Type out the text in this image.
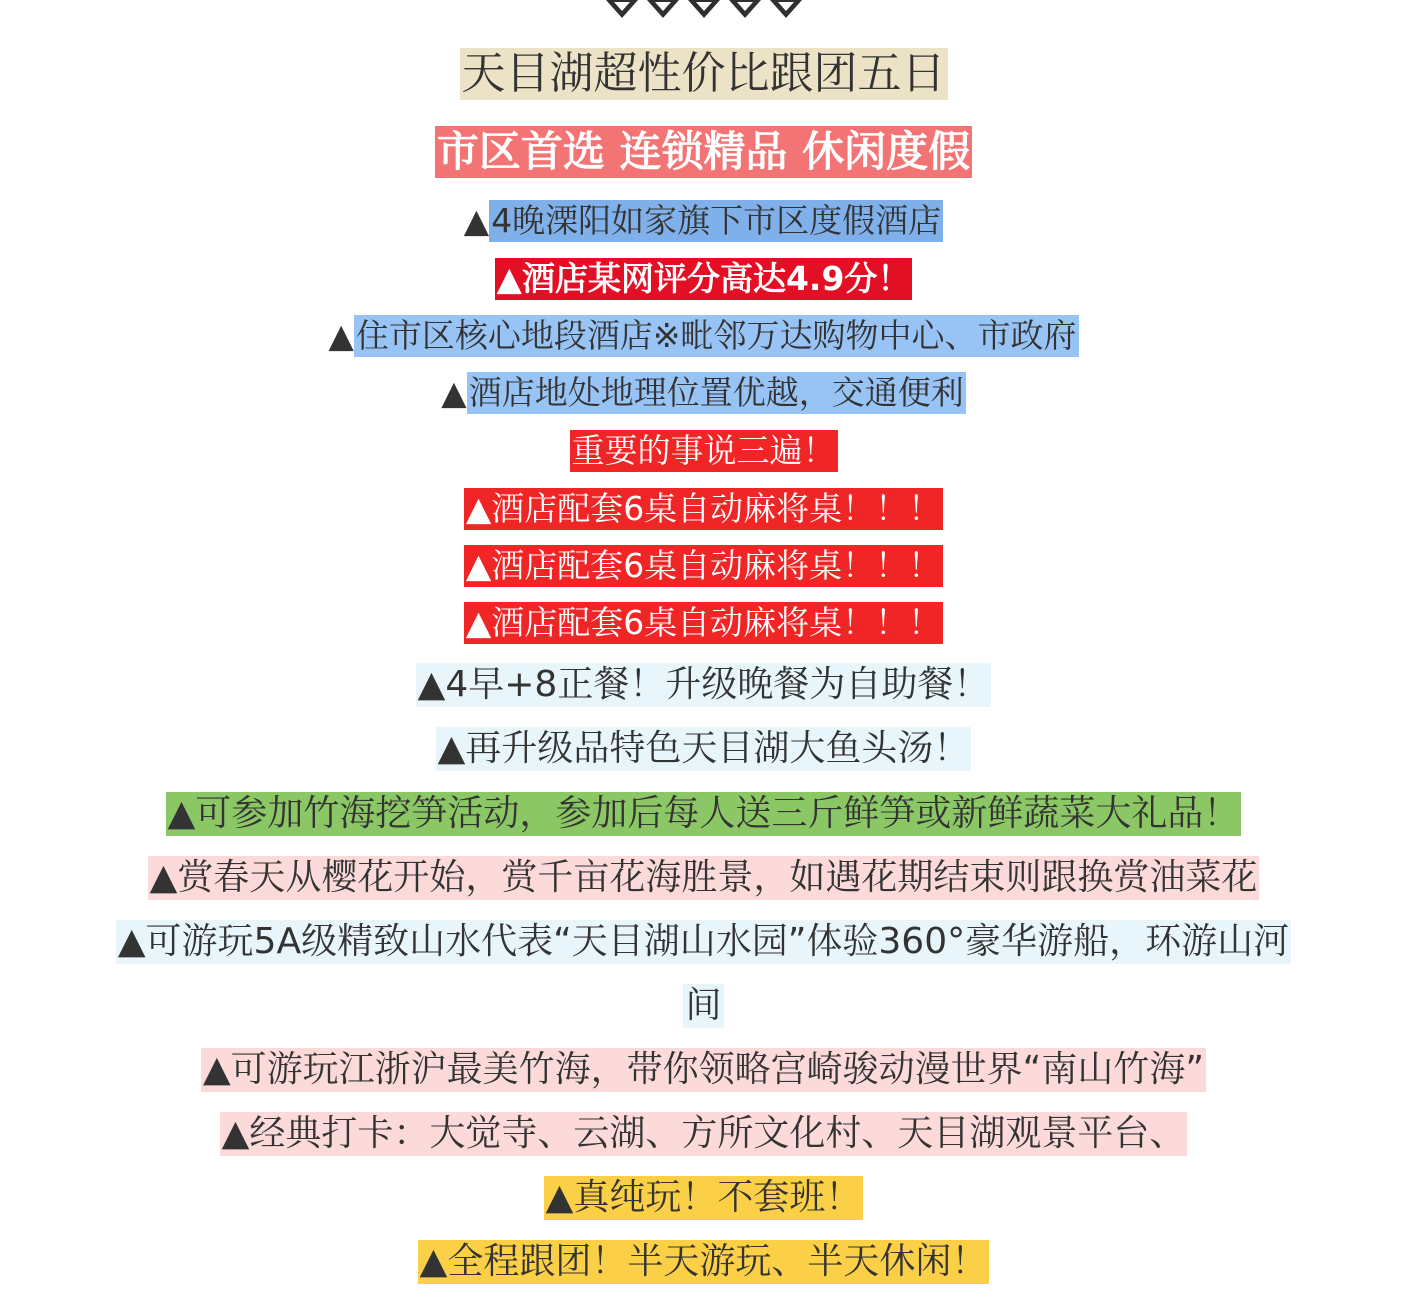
天目湖超性价比跟团五日
市区首选 连锁精品 休闲度假
▲4晚溧阳如家旗下市区度假酒店
▲酒店某网评分高达4.9分！
▲住市区核心地段酒店※毗邻万达购物中心、市政府
▲酒店地处地理位置优越，交通便利
重要的事说三遍！
▲酒店配套6桌自动麻将桌！！！
▲酒店配套6桌自动麻将桌！！！
▲酒店配套6桌自动麻将桌！！！
▲4早+8正餐！升级晚餐为自助餐！
▲再升级品特色天目湖大鱼头汤！
▲可参加竹海挖笋活动，参加后每人送三斤鲜笋或新鲜蔬菜大礼品！
▲赏春天从樱花开始，赏千亩花海胜景，如遇花期结束则跟换赏油菜花
▲可游玩5A级精致山水代表“天目湖山水园”体验360°豪华游船，环游山河
间
▲可游玩江浙沪最美竹海，带你领略宫崎骏动漫世界“南山竹海”
▲经典打卡：大觉寺、云湖、方所文化村、天目湖观景平台、
▲真纯玩！不套班！
▲全程跟团！半天游玩、半天休闲！
